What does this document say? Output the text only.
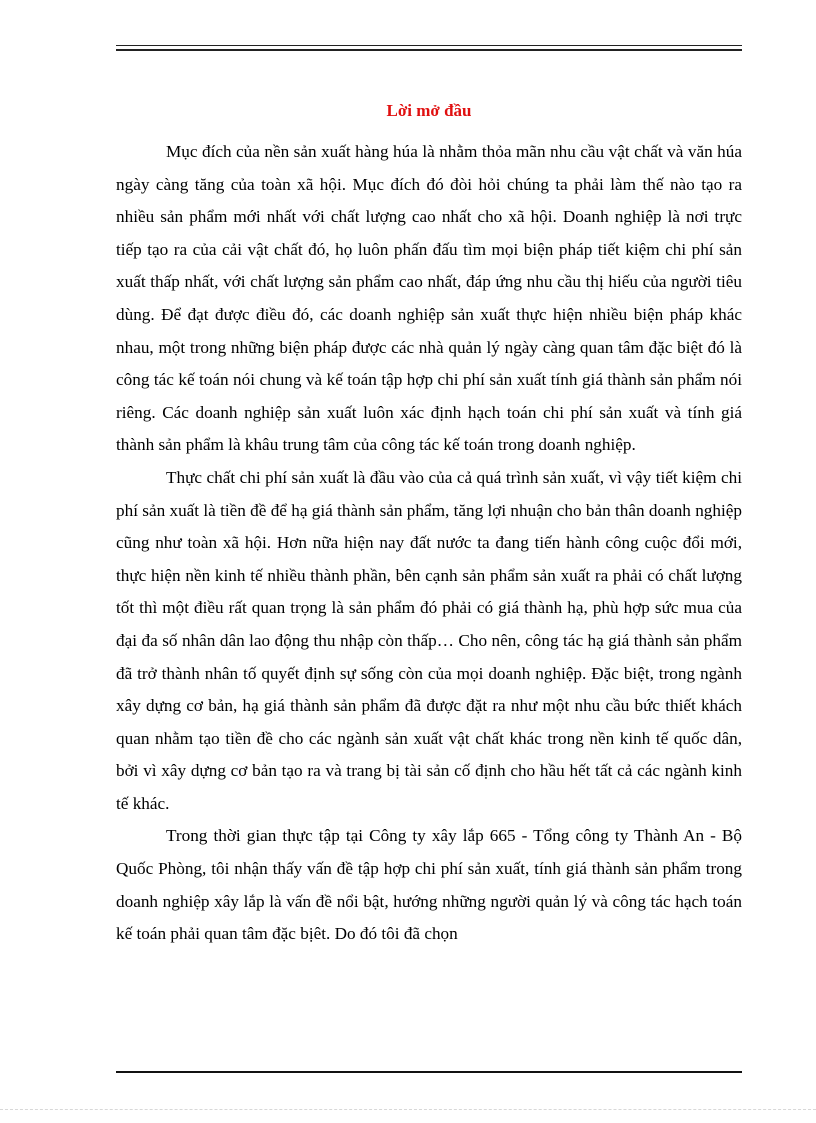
Lời mở đầu

Mục đích của nền sản xuất hàng húa là nhằm thỏa mãn nhu cầu vật chất và văn húa ngày càng tăng của toàn xã hội. Mục đích đó đòi hỏi chúng ta phải làm thế nào tạo ra nhiều sản phẩm mới nhất với chất lượng cao nhất cho xã hội. Doanh nghiệp là nơi trực tiếp tạo ra của cải vật chất đó, họ luôn phấn đấu tìm mọi biện pháp tiết kiệm chi phí sản xuất thấp nhất, với chất lượng sản phẩm cao nhất, đáp ứng nhu cầu thị hiếu của người tiêu dùng. Để đạt được điều đó, các doanh nghiệp sản xuất thực hiện nhiều biện pháp khác nhau, một trong những biện pháp được các nhà quản lý ngày càng quan tâm đặc biệt đó là công tác kế toán nói chung và kế toán tập hợp chi phí sản xuất tính giá thành sản phẩm nói riêng. Các doanh nghiệp sản xuất luôn xác định hạch toán chi phí sản xuất và tính giá thành sản phẩm là khâu trung tâm của công tác kế toán trong doanh nghiệp.

Thực chất chi phí sản xuất là đầu vào của cả quá trình sản xuất, vì vậy tiết kiệm chi phí sản xuất là tiền đề để hạ giá thành sản phẩm, tăng lợi nhuận cho bản thân doanh nghiệp cũng như toàn xã hội. Hơn nữa hiện nay đất nước ta đang tiến hành công cuộc đổi mới, thực hiện nền kinh tế nhiều thành phần, bên cạnh sản phẩm sản xuất ra phải có chất lượng tốt thì một điều rất quan trọng là sản phẩm đó phải có giá thành hạ, phù hợp sức mua của đại đa số nhân dân lao động thu nhập còn thấp… Cho nên, công tác hạ giá thành sản phẩm đã trở thành nhân tố quyết định sự sống còn của mọi doanh nghiệp. Đặc biệt, trong ngành xây dựng cơ bản, hạ giá thành sản phẩm đã được đặt ra như một nhu cầu bức thiết khách quan nhằm tạo tiền đề cho các ngành sản xuất vật chất khác trong nền kinh tế quốc dân, bởi vì xây dựng cơ bản tạo ra và trang bị tài sản cố định cho hầu hết tất cả các ngành kinh tế khác.

Trong thời gian thực tập tại Công ty xây lắp 665 - Tổng công ty Thành An - Bộ Quốc Phòng, tôi nhận thấy vấn đề tập hợp chi phí sản xuất, tính giá thành sản phẩm trong doanh nghiệp xây lắp là vấn đề nổi bật, hướng những người quản lý và công tác hạch toán kế toán phải quan tâm đặc bịêt. Do đó tôi đã chọn
